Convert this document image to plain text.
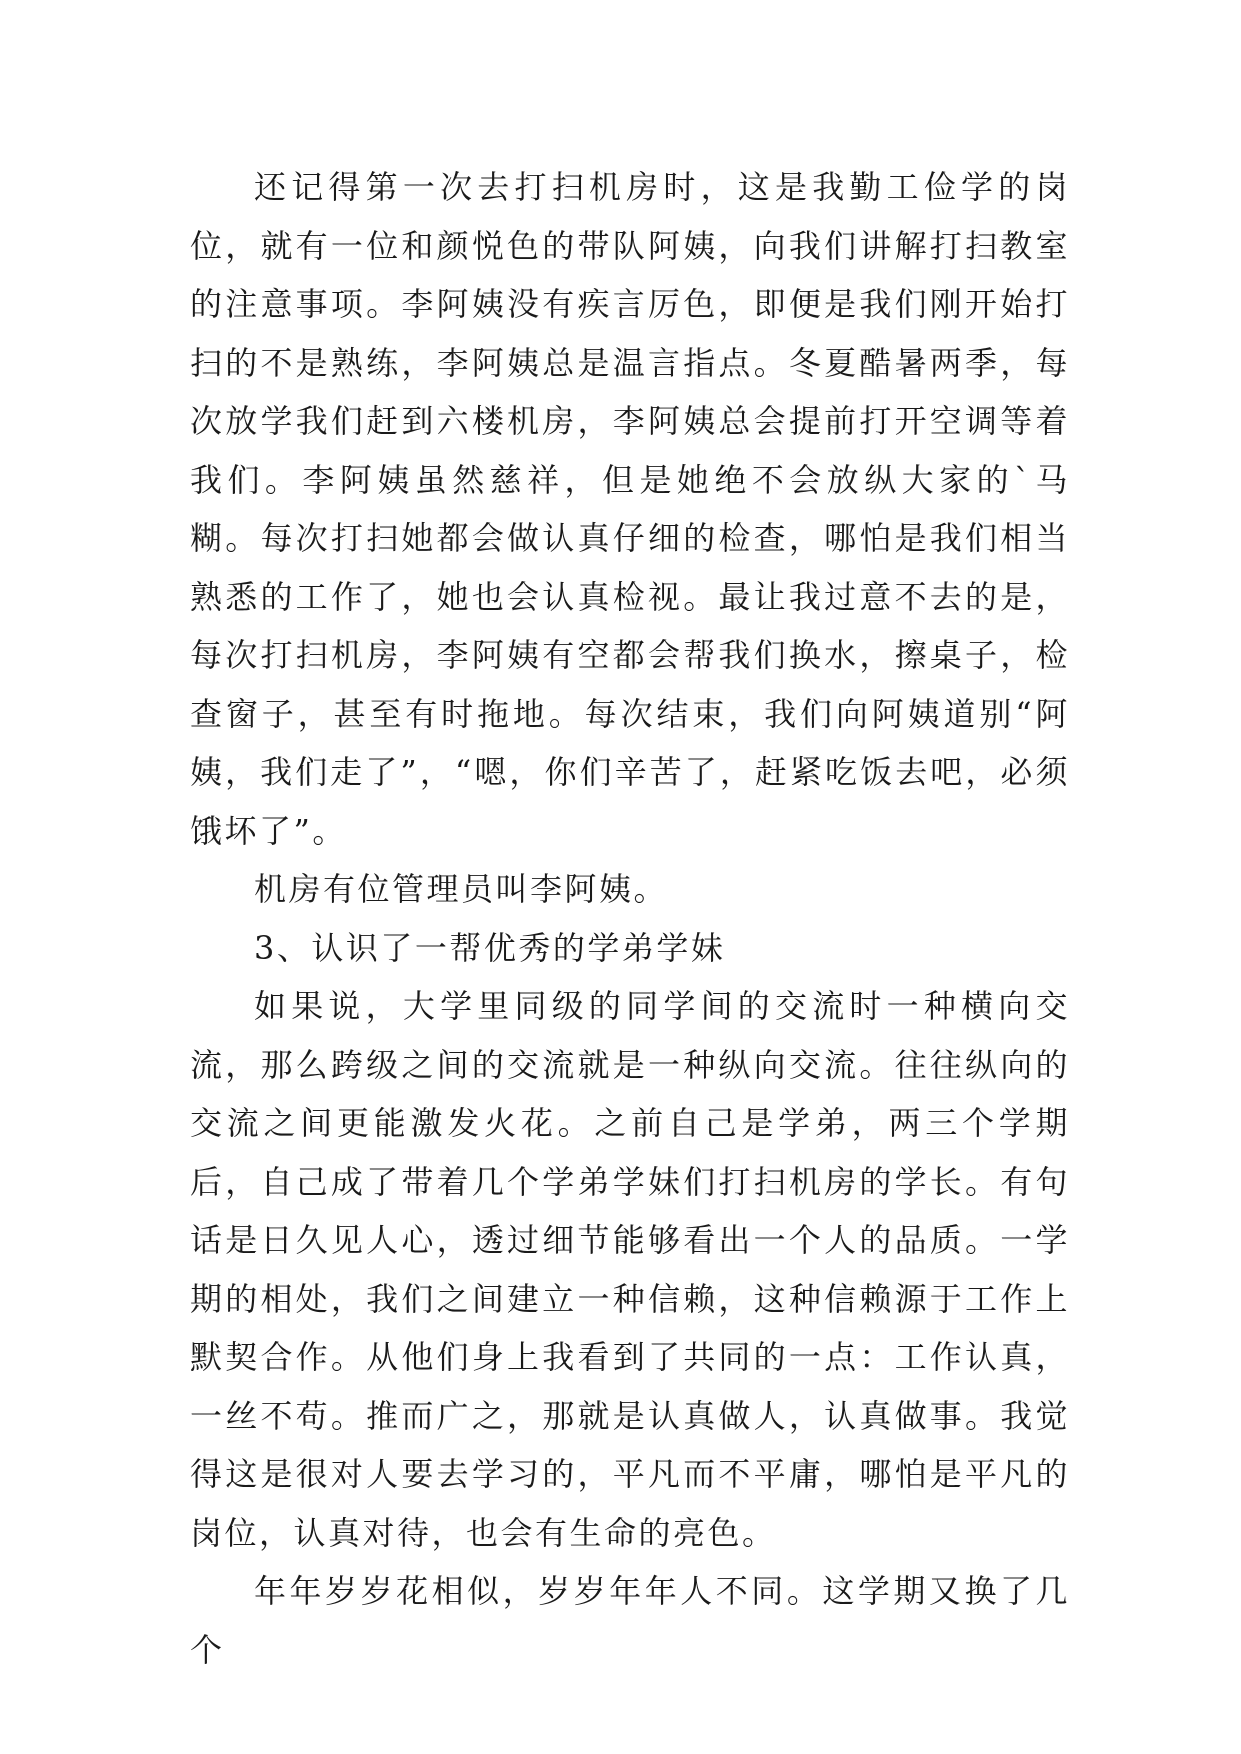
还记得第一次去打扫机房时，这是我勤工俭学的岗位，就有一位和颜悦色的带队阿姨，向我们讲解打扫教室的注意事项。李阿姨没有疾言厉色，即便是我们刚开始打扫的不是熟练，李阿姨总是温言指点。冬夏酷暑两季，每次放学我们赶到六楼机房，李阿姨总会提前打开空调等着我们。李阿姨虽然慈祥，但是她绝不会放纵大家的`马糊。每次打扫她都会做认真仔细的检查，哪怕是我们相当熟悉的工作了，她也会认真检视。最让我过意不去的是，每次打扫机房，李阿姨有空都会帮我们换水，擦桌子，检查窗子，甚至有时拖地。每次结束，我们向阿姨道别“阿姨，我们走了”，“嗯，你们辛苦了，赶紧吃饭去吧，必须饿坏了”。

机房有位管理员叫李阿姨。

3、认识了一帮优秀的学弟学妹

如果说，大学里同级的同学间的交流时一种横向交流，那么跨级之间的交流就是一种纵向交流。往往纵向的交流之间更能激发火花。之前自己是学弟，两三个学期后，自己成了带着几个学弟学妹们打扫机房的学长。有句话是日久见人心，透过细节能够看出一个人的品质。一学期的相处，我们之间建立一种信赖，这种信赖源于工作上默契合作。从他们身上我看到了共同的一点：工作认真，一丝不苟。推而广之，那就是认真做人，认真做事。我觉得这是很对人要去学习的，平凡而不平庸，哪怕是平凡的岗位，认真对待，也会有生命的亮色。

年年岁岁花相似，岁岁年年人不同。这学期又换了几个
